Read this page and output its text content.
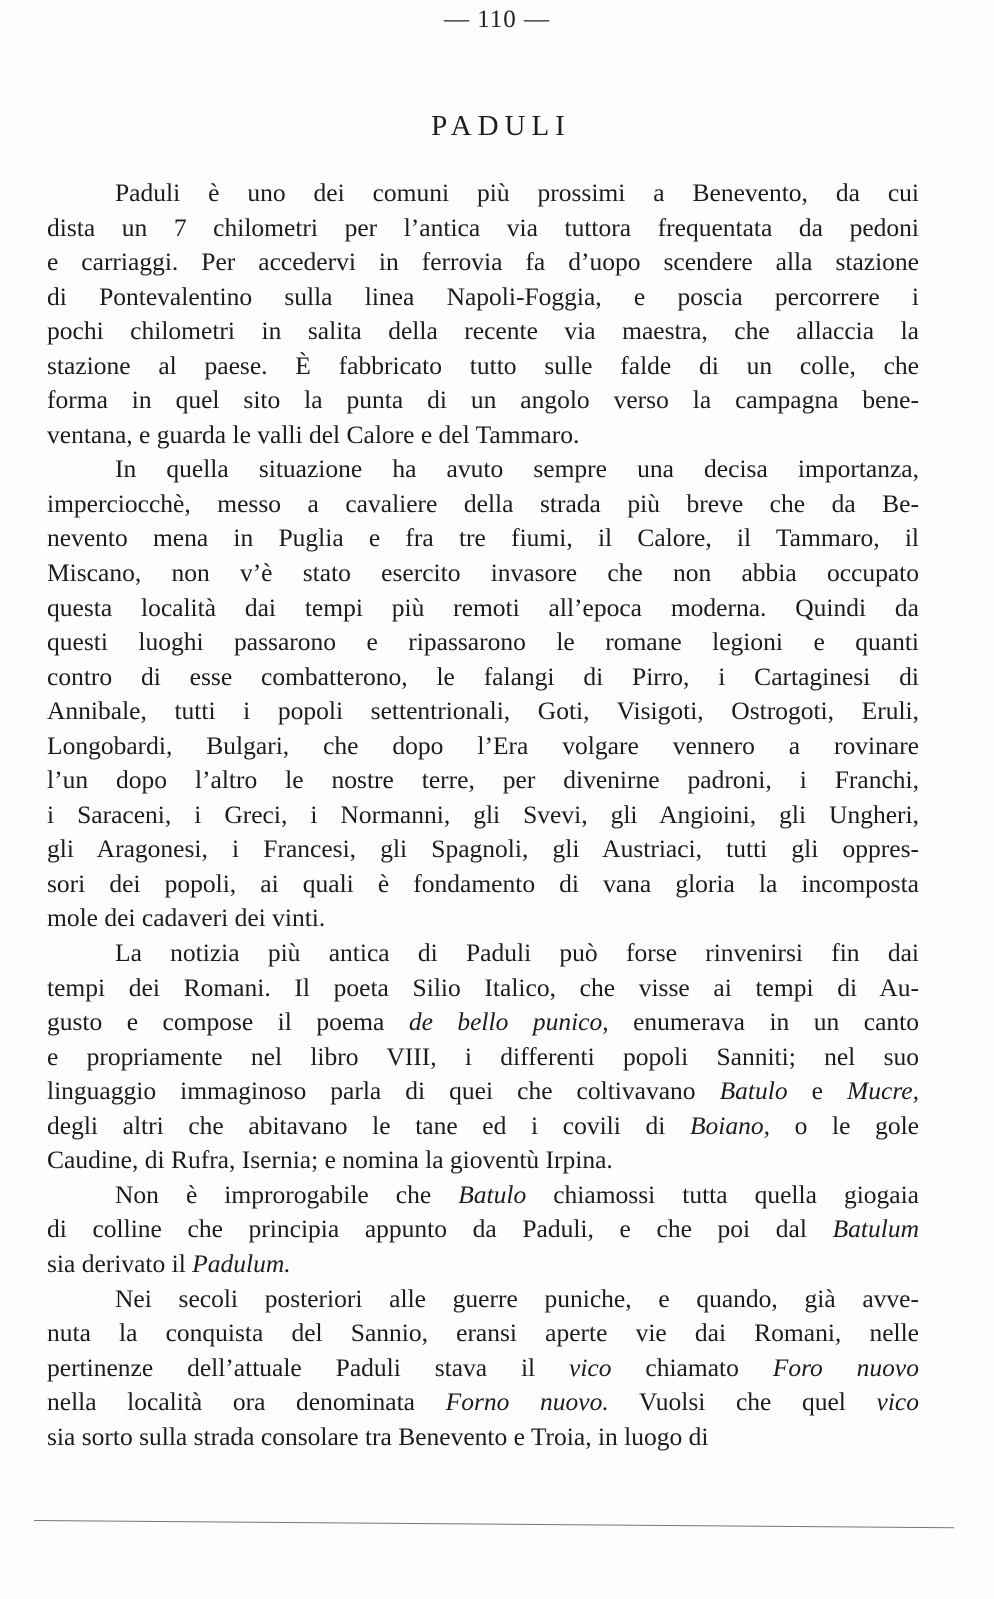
— 110 —
PADULI
Paduli è uno dei comuni più prossimi a Benevento, da cui
dista un 7 chilometri per l’antica via tuttora frequentata da pedoni
e carriaggi. Per accedervi in ferrovia fa d’uopo scendere alla stazione
di Pontevalentino sulla linea Napoli-Foggia, e poscia percorrere i
pochi chilometri in salita della recente via maestra, che allaccia la
stazione al paese. È fabbricato tutto sulle falde di un colle, che
forma in quel sito la punta di un angolo verso la campagna bene-
ventana, e guarda le valli del Calore e del Tammaro.
In quella situazione ha avuto sempre una decisa importanza,
imperciocchè, messo a cavaliere della strada più breve che da Be-
nevento mena in Puglia e fra tre fiumi, il Calore, il Tammaro, il
Miscano, non v’è stato esercito invasore che non abbia occupato
questa località dai tempi più remoti all’epoca moderna. Quindi da
questi luoghi passarono e ripassarono le romane legioni e quanti
contro di esse combatterono, le falangi di Pirro, i Cartaginesi di
Annibale, tutti i popoli settentrionali, Goti, Visigoti, Ostrogoti, Eruli,
Longobardi, Bulgari, che dopo l’Era volgare vennero a rovinare
l’un dopo l’altro le nostre terre, per divenirne padroni, i Franchi,
i Saraceni, i Greci, i Normanni, gli Svevi, gli Angioini, gli Ungheri,
gli Aragonesi, i Francesi, gli Spagnoli, gli Austriaci, tutti gli oppres-
sori dei popoli, ai quali è fondamento di vana gloria la incomposta
mole dei cadaveri dei vinti.
La notizia più antica di Paduli può forse rinvenirsi fin dai
tempi dei Romani. Il poeta Silio Italico, che visse ai tempi di Au-
gusto e compose il poema de bello punico, enumerava in un canto
e propriamente nel libro VIII, i differenti popoli Sanniti; nel suo
linguaggio immaginoso parla di quei che coltivavano Batulo e Mucre,
degli altri che abitavano le tane ed i covili di Boiano, o le gole
Caudine, di Rufra, Isernia; e nomina la gioventù Irpina.
Non è improrogabile che Batulo chiamossi tutta quella giogaia
di colline che principia appunto da Paduli, e che poi dal Batulum
sia derivato il Padulum.
Nei secoli posteriori alle guerre puniche, e quando, già avve-
nuta la conquista del Sannio, eransi aperte vie dai Romani, nelle
pertinenze dell’attuale Paduli stava il vico chiamato Foro nuovo
nella località ora denominata Forno nuovo. Vuolsi che quel vico
sia sorto sulla strada consolare tra Benevento e Troia, in luogo di
